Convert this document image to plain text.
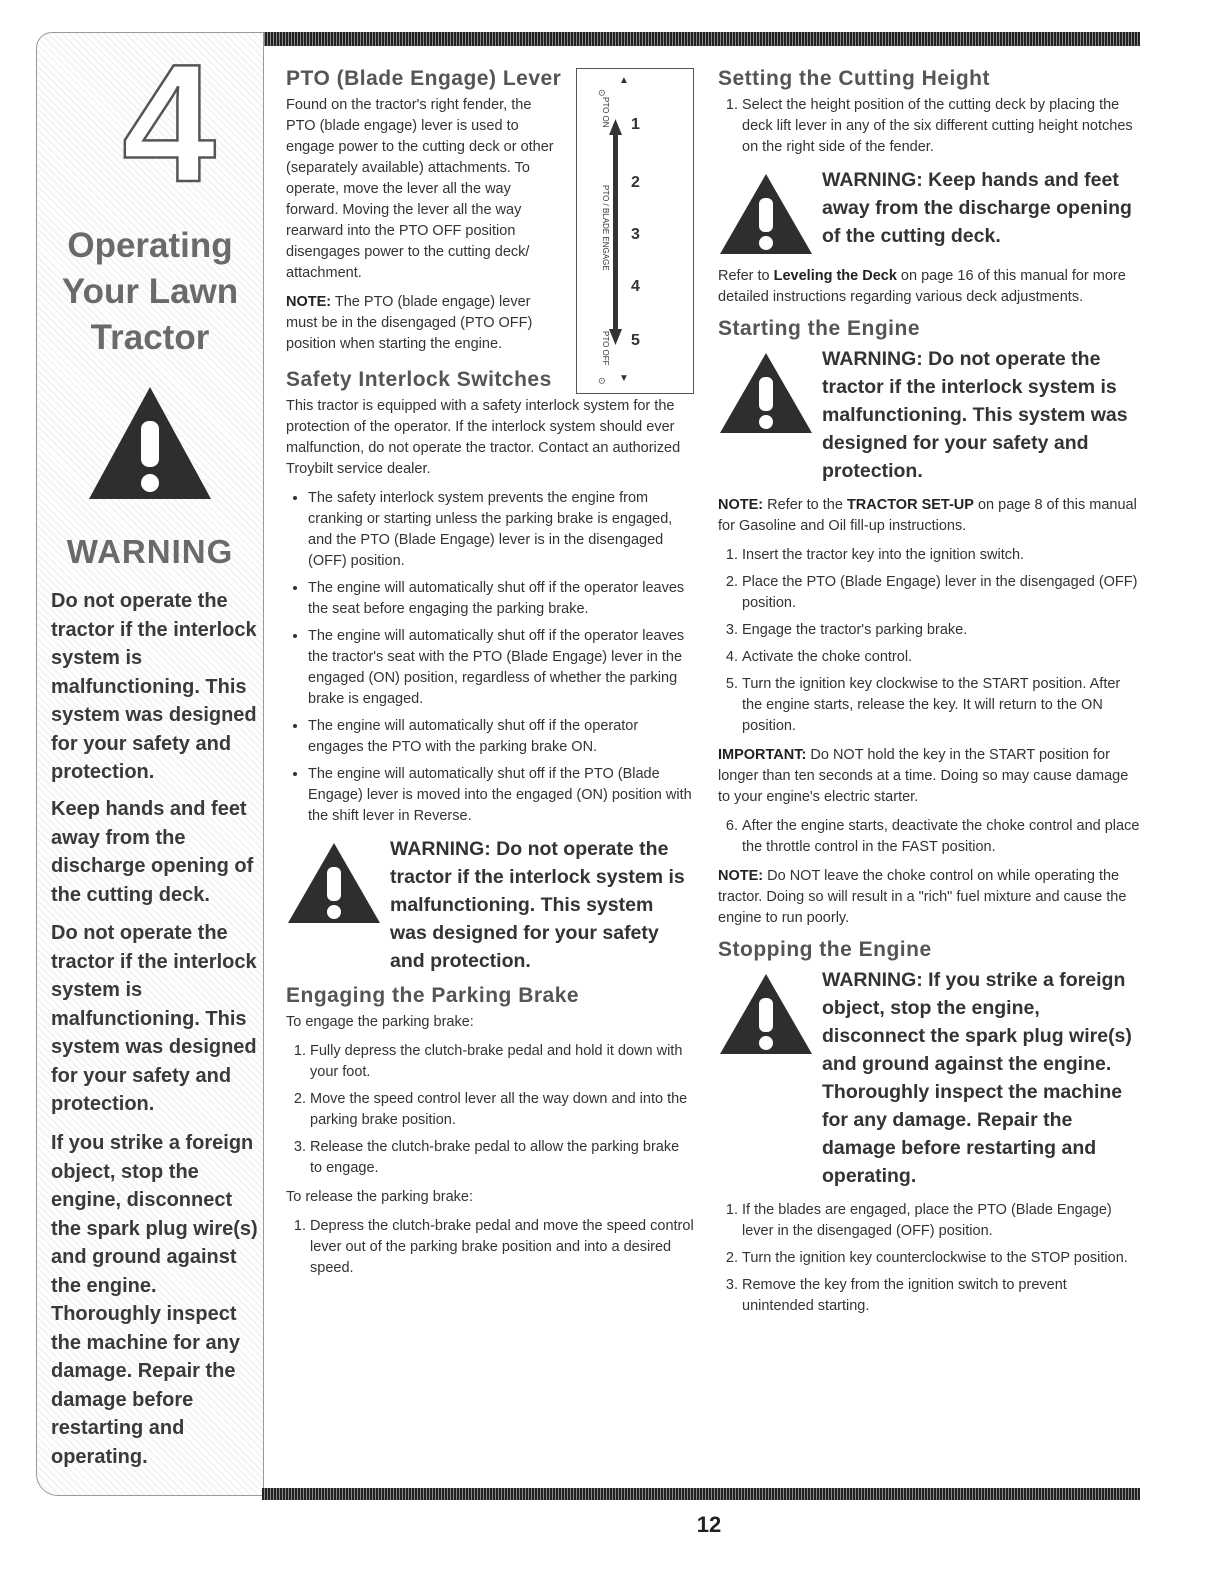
4
Operating
Your Lawn
Tractor
WARNING

Do not operate the tractor if the interlock system is malfunctioning. This system was designed for your safety and protection.

Keep hands and feet away from the discharge opening of the cutting deck.

Do not operate the tractor if the interlock system is malfunctioning. This system was designed for your safety and protection.

If you strike a foreign object, stop the engine, disconnect the spark plug wire(s) and ground against the engine. Thoroughly inspect the machine for any damage. Repair the damage before restarting and operating.

⊙
PTO ON
PTO / BLADE ENGAGE
PTO OFF
⊙
▲
▼
1
2
3
4
5
PTO (Blade Engage) Lever

Found on the tractor's right fender, the PTO (blade engage) lever is used to engage power to the cutting deck or other (separately available) attachments. To operate, move the lever all the way forward. Moving the lever all the way rearward into the PTO OFF position disengages power to the cutting deck/ attachment.

NOTE: The PTO (blade engage) lever must be in the disengaged (PTO OFF) position when starting the engine.

Safety Interlock Switches

This tractor is equipped with a safety interlock system for the protection of the operator. If the interlock system should ever malfunction, do not operate the tractor. Contact an authorized Troybilt service dealer.

• The safety interlock system prevents the engine from cranking or starting unless the parking brake is engaged, and the PTO (Blade Engage) lever is in the disengaged (OFF) position.
• The engine will automatically shut off if the operator leaves the seat before engaging the parking brake.
• The engine will automatically shut off if the operator leaves the tractor's seat with the PTO (Blade Engage) lever in the engaged (ON) position, regardless of whether the parking brake is engaged.
• The engine will automatically shut off if the operator engages the PTO with the parking brake ON.
• The engine will automatically shut off if the PTO (Blade Engage) lever is moved into the engaged (ON) position with the shift lever in Reverse.
WARNING: Do not operate the tractor if the interlock system is malfunctioning. This system was designed for your safety and protection.
Engaging the Parking Brake

To engage the parking brake:

1. Fully depress the clutch-brake pedal and hold it down with your foot.
2. Move the speed control lever all the way down and into the parking brake position.
3. Release the clutch-brake pedal to allow the parking brake to engage.

To release the parking brake:

1. Depress the clutch-brake pedal and move the speed control lever out of the parking brake position and into a desired speed.
Setting the Cutting Height
1. Select the height position of the cutting deck by placing the deck lift lever in any of the six different cutting height notches on the right side of the fender.
WARNING: Keep hands and feet away from the discharge opening of the cutting deck.

Refer to Leveling the Deck on page 16 of this manual for more detailed instructions regarding various deck adjustments.

Starting the Engine
WARNING: Do not operate the tractor if the interlock system is malfunctioning. This system was designed for your safety and protection.

NOTE: Refer to the TRACTOR SET-UP on page 8 of this manual for Gasoline and Oil fill-up instructions.

1. Insert the tractor key into the ignition switch.
2. Place the PTO (Blade Engage) lever in the disengaged (OFF) position.
3. Engage the tractor's parking brake.
4. Activate the choke control.
5. Turn the ignition key clockwise to the START position. After the engine starts, release the key. It will return to the ON position.

IMPORTANT: Do NOT hold the key in the START position for longer than ten seconds at a time. Doing so may cause damage to your engine's electric starter.

6. After the engine starts, deactivate the choke control and place the throttle control in the FAST position.

NOTE: Do NOT leave the choke control on while operating the tractor. Doing so will result in a "rich" fuel mixture and cause the engine to run poorly.

Stopping the Engine
WARNING: If you strike a foreign object, stop the engine, disconnect the spark plug wire(s) and ground against the engine. Thoroughly inspect the machine for any damage. Repair the damage before restarting and operating.
1. If the blades are engaged, place the PTO (Blade Engage) lever in the disengaged (OFF) position.
2. Turn the ignition key counterclockwise to the STOP position.
3. Remove the key from the ignition switch to prevent unintended starting.
12
